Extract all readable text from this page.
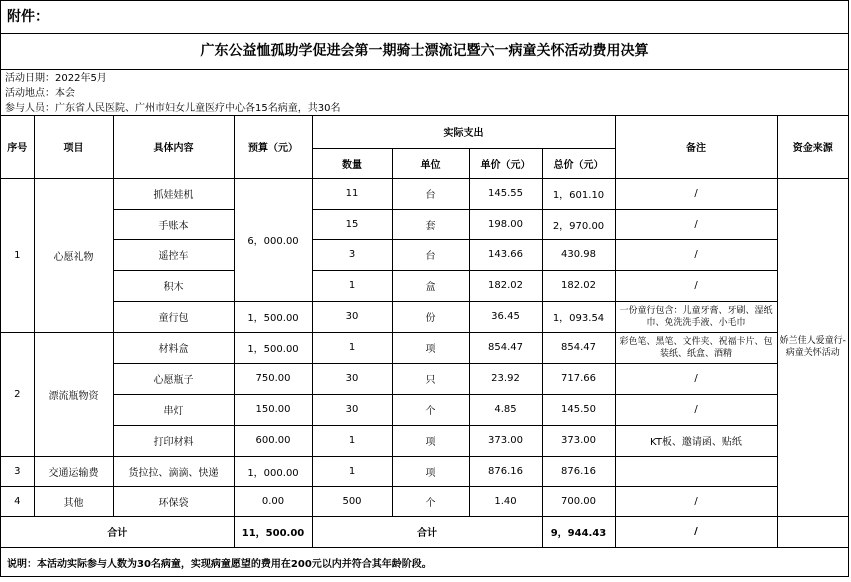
附件：
广东公益恤孤助学促进会第一期骑士漂流记暨六一病童关怀活动费用决算
活动日期：2022年5月
活动地点：本会
参与人员：广东省人民医院、广州市妇女儿童医疗中心各15名病童，共30名
序号	项目	具体内容	预算（元）	实际支出				备注	资金来源
				数量	单位	单价（元）	总价（元）		
1	心愿礼物	抓娃娃机	6，000.00	11	台	145.55	1，601.10	/	娇兰佳人爱童行-病童关怀活动
		手账本		15	套	198.00	2，970.00	/	
		遥控车		3	台	143.66	430.98	/	
		积木		1	盒	182.02	182.02	/	
		童行包	1，500.00	30	份	36.45	1，093.54	一份童行包含：儿童牙膏、牙刷、湿纸巾、免洗洗手液、小毛巾	
2	漂流瓶物资	材料盒	1，500.00	1	项	854.47	854.47	彩色笔、黑笔、文件夹、祝福卡片、包装纸、纸盒、酒精	
		心愿瓶子	750.00	30	只	23.92	717.66	/	
		串灯	150.00	30	个	4.85	145.50	/	
		打印材料	600.00	1	项	373.00	373.00	KT板、邀请函、贴纸	
3	交通运输费	货拉拉、滴滴、快递	1，000.00	1	项	876.16	876.16		
4	其他	环保袋	0.00	500	个	1.40	700.00	/	
合计			11，500.00	合计			9，944.43	/	
说明：本活动实际参与人数为30名病童，实现病童愿望的费用在200元以内并符合其年龄阶段。
